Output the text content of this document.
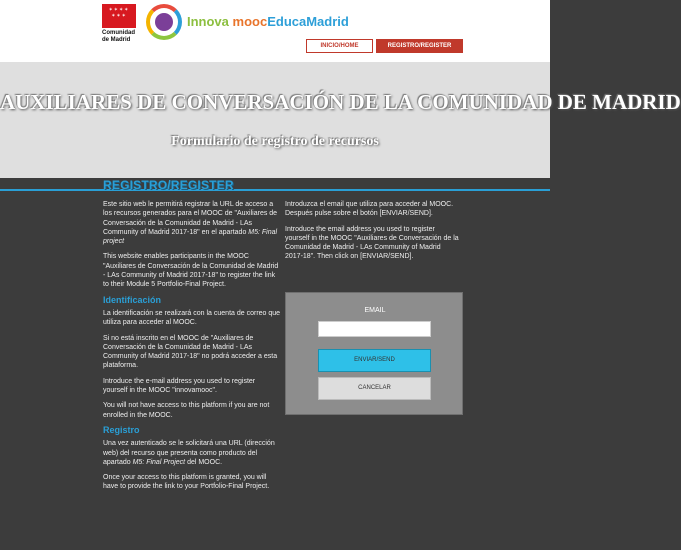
✶✶✶✶
✶✶✶
Comunidad de Madrid
Innova moocEducaMadrid
INICIO/HOME	REGISTRO/REGISTER
AUXILIARES DE CONVERSACIÓN DE LA COMUNIDAD DE MADRID
Formulario de registro de recursos
REGISTRO/REGISTER

Este sitio web le permitirá registrar la URL de acceso a los recursos generados para el MOOC de "Auxiliares de Conversación de la Comunidad de Madrid - LAs Community of Madrid 2017-18" en el apartado M5: Final project

This website enables participants in the MOOC "Auxiliares de Conversación de la Comunidad de Madrid - LAs Community of Madrid 2017-18" to register the link to their Module 5 Portfolio-Final Project.

Identificación

La identificación se realizará con la cuenta de correo que utiliza para acceder al MOOC.

Si no está inscrito en el MOOC de "Auxiliares de Conversación de la Comunidad de Madrid - LAs Community of Madrid 2017-18" no podrá acceder a esta plataforma.

Introduce the e-mail address you used to register yourself in the MOOC "innovamooc".

You will not have access to this platform if you are not enrolled in the MOOC.

Registro

Una vez autenticado se le solicitará una URL (dirección web) del recurso que presenta como producto del apartado M5: Final Project del MOOC.

Once your access to this platform is granted, you will have to provide the link to your Portfolio-Final Project.

Introduzca el email que utiliza para acceder al MOOC. Después pulse sobre el botón [ENVIAR/SEND].

Introduce the email address you used to register yourself in the MOOC "Auxiliares de Conversación de la Comunidad de Madrid - LAs Community of Madrid 2017-18". Then click on [ENVIAR/SEND].

EMAIL
ENVIAR/SEND
CANCELAR
